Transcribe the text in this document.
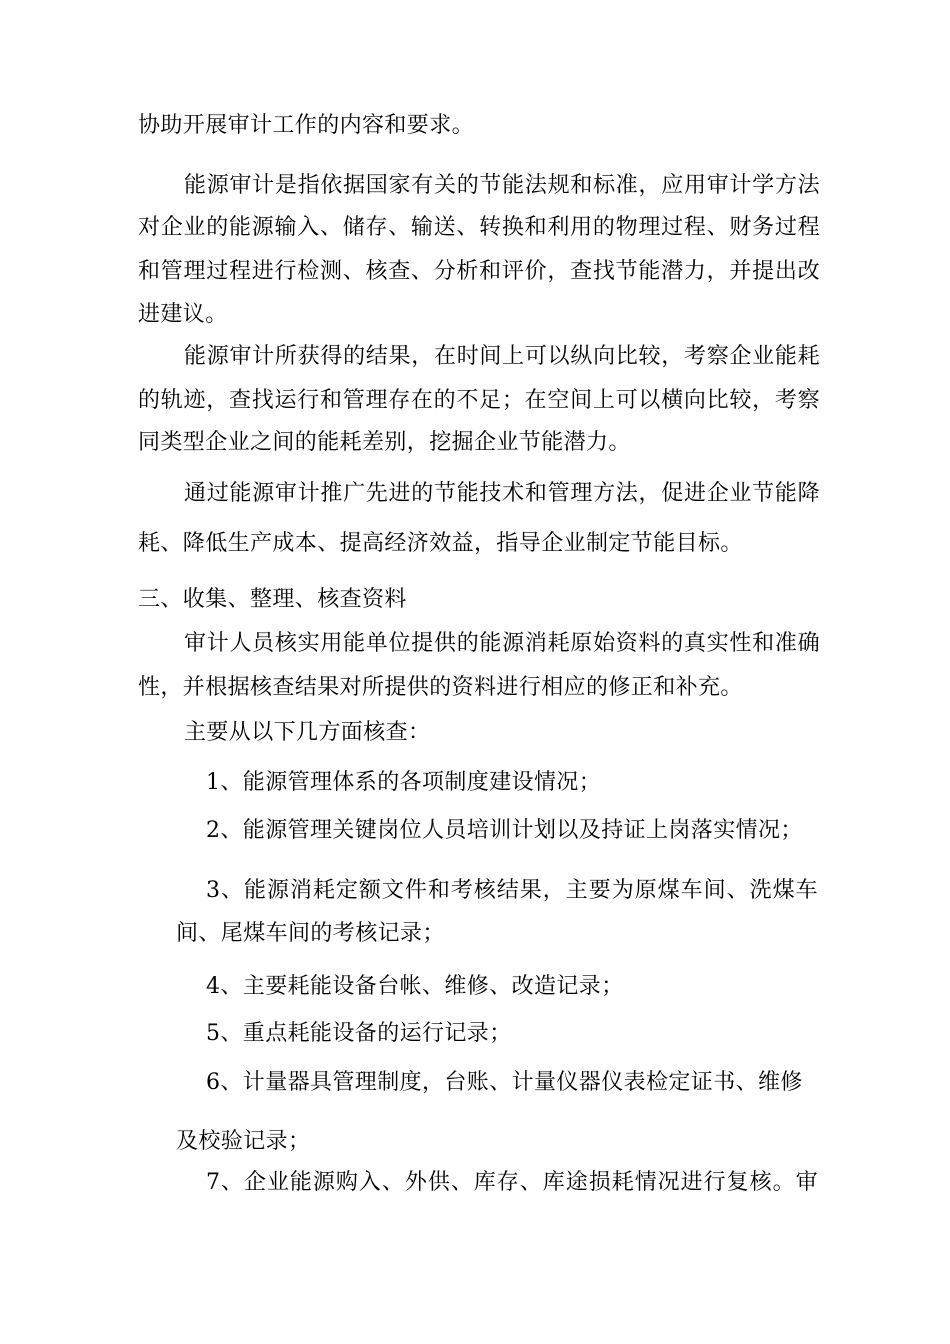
协助开展审计工作的内容和要求。
能源审计是指依据国家有关的节能法规和标准，应用审计学方法
对企业的能源输入、储存、输送、转换和利用的物理过程、财务过程
和管理过程进行检测、核查、分析和评价，查找节能潜力，并提出改
进建议。
能源审计所获得的结果，在时间上可以纵向比较，考察企业能耗
的轨迹，查找运行和管理存在的不足；在空间上可以横向比较，考察
同类型企业之间的能耗差别，挖掘企业节能潜力。
通过能源审计推广先进的节能技术和管理方法，促进企业节能降
耗、降低生产成本、提高经济效益，指导企业制定节能目标。
三、收集、整理、核查资料
审计人员核实用能单位提供的能源消耗原始资料的真实性和准确
性，并根据核查结果对所提供的资料进行相应的修正和补充。
主要从以下几方面核查：
1、能源管理体系的各项制度建设情况；
2、能源管理关键岗位人员培训计划以及持证上岗落实情况；
3、能源消耗定额文件和考核结果，主要为原煤车间、洗煤车
间、尾煤车间的考核记录；
4、主要耗能设备台帐、维修、改造记录；
5、重点耗能设备的运行记录；
6、计量器具管理制度，台账、计量仪器仪表检定证书、维修
及校验记录；
7、企业能源购入、外供、库存、库途损耗情况进行复核。审
